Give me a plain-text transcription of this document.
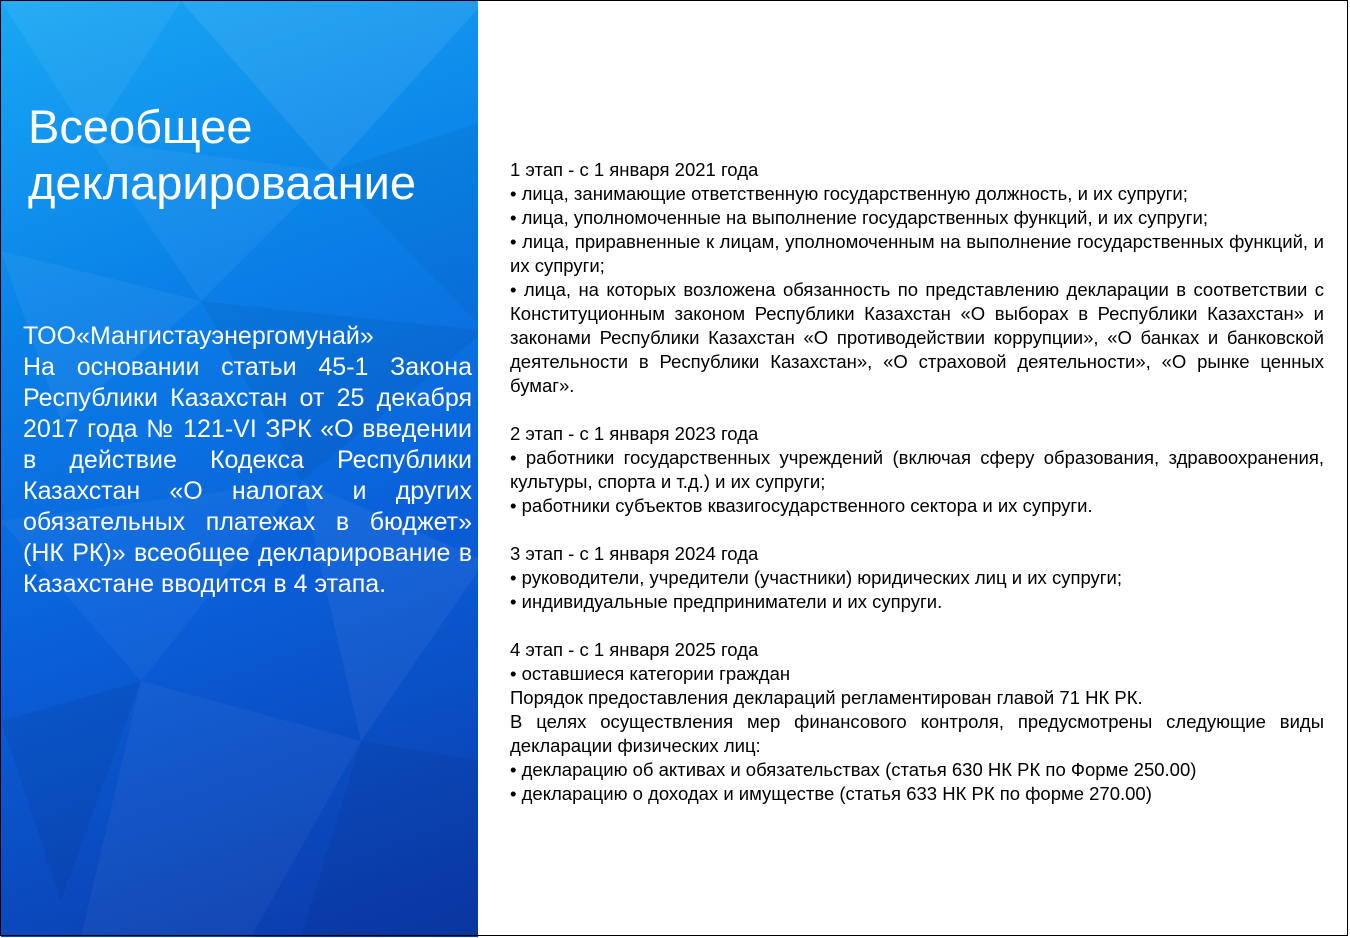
Всеобщее декларироваание

ТОО«Мангистауэнергомунай»

На основании статьи 45-1 Закона Республики Казахстан от 25 декабря 2017 года № 121-VI ЗРК «О введении в действие Кодекса Республики Казахстан «О налогах и других обязательных платежах в бюджет» (НК РК)» всеобщее декларирование в Казахстане вводится в 4 этапа.

1 этап - с 1 января 2021 года

• лица, занимающие ответственную государственную должность, и их супруги;

• лица, уполномоченные на выполнение государственных функций, и их супруги;

• лица, приравненные к лицам, уполномоченным на выполнение государственных функций, и их супруги;

• лица, на которых возложена обязанность по представлению декларации в соответствии с Конституционным законом Республики Казахстан «О выборах в Республики Казахстан» и законами Республики Казахстан «О противодействии коррупции», «О банках и банковской деятельности в Республики Казахстан», «О страховой деятельности», «О рынке ценных бумаг».

2 этап - с 1 января 2023 года

• работники государственных учреждений (включая сферу образования, здравоохранения, культуры, спорта и т.д.) и их супруги;

• работники субъектов квазигосударственного сектора и их супруги.

3 этап - с 1 января 2024 года

• руководители, учредители (участники) юридических лиц и их супруги;

• индивидуальные предприниматели и их супруги.

4 этап - с 1 января 2025 года

• оставшиеся категории граждан

Порядок предоставления деклараций регламентирован главой 71 НК РК.

В целях осуществления мер финансового контроля, предусмотрены следующие виды декларации физических лиц:

• декларацию об активах и обязательствах (статья 630 НК РК по Форме 250.00)

• декларацию о доходах и имуществе (статья 633 НК РК по форме 270.00)
